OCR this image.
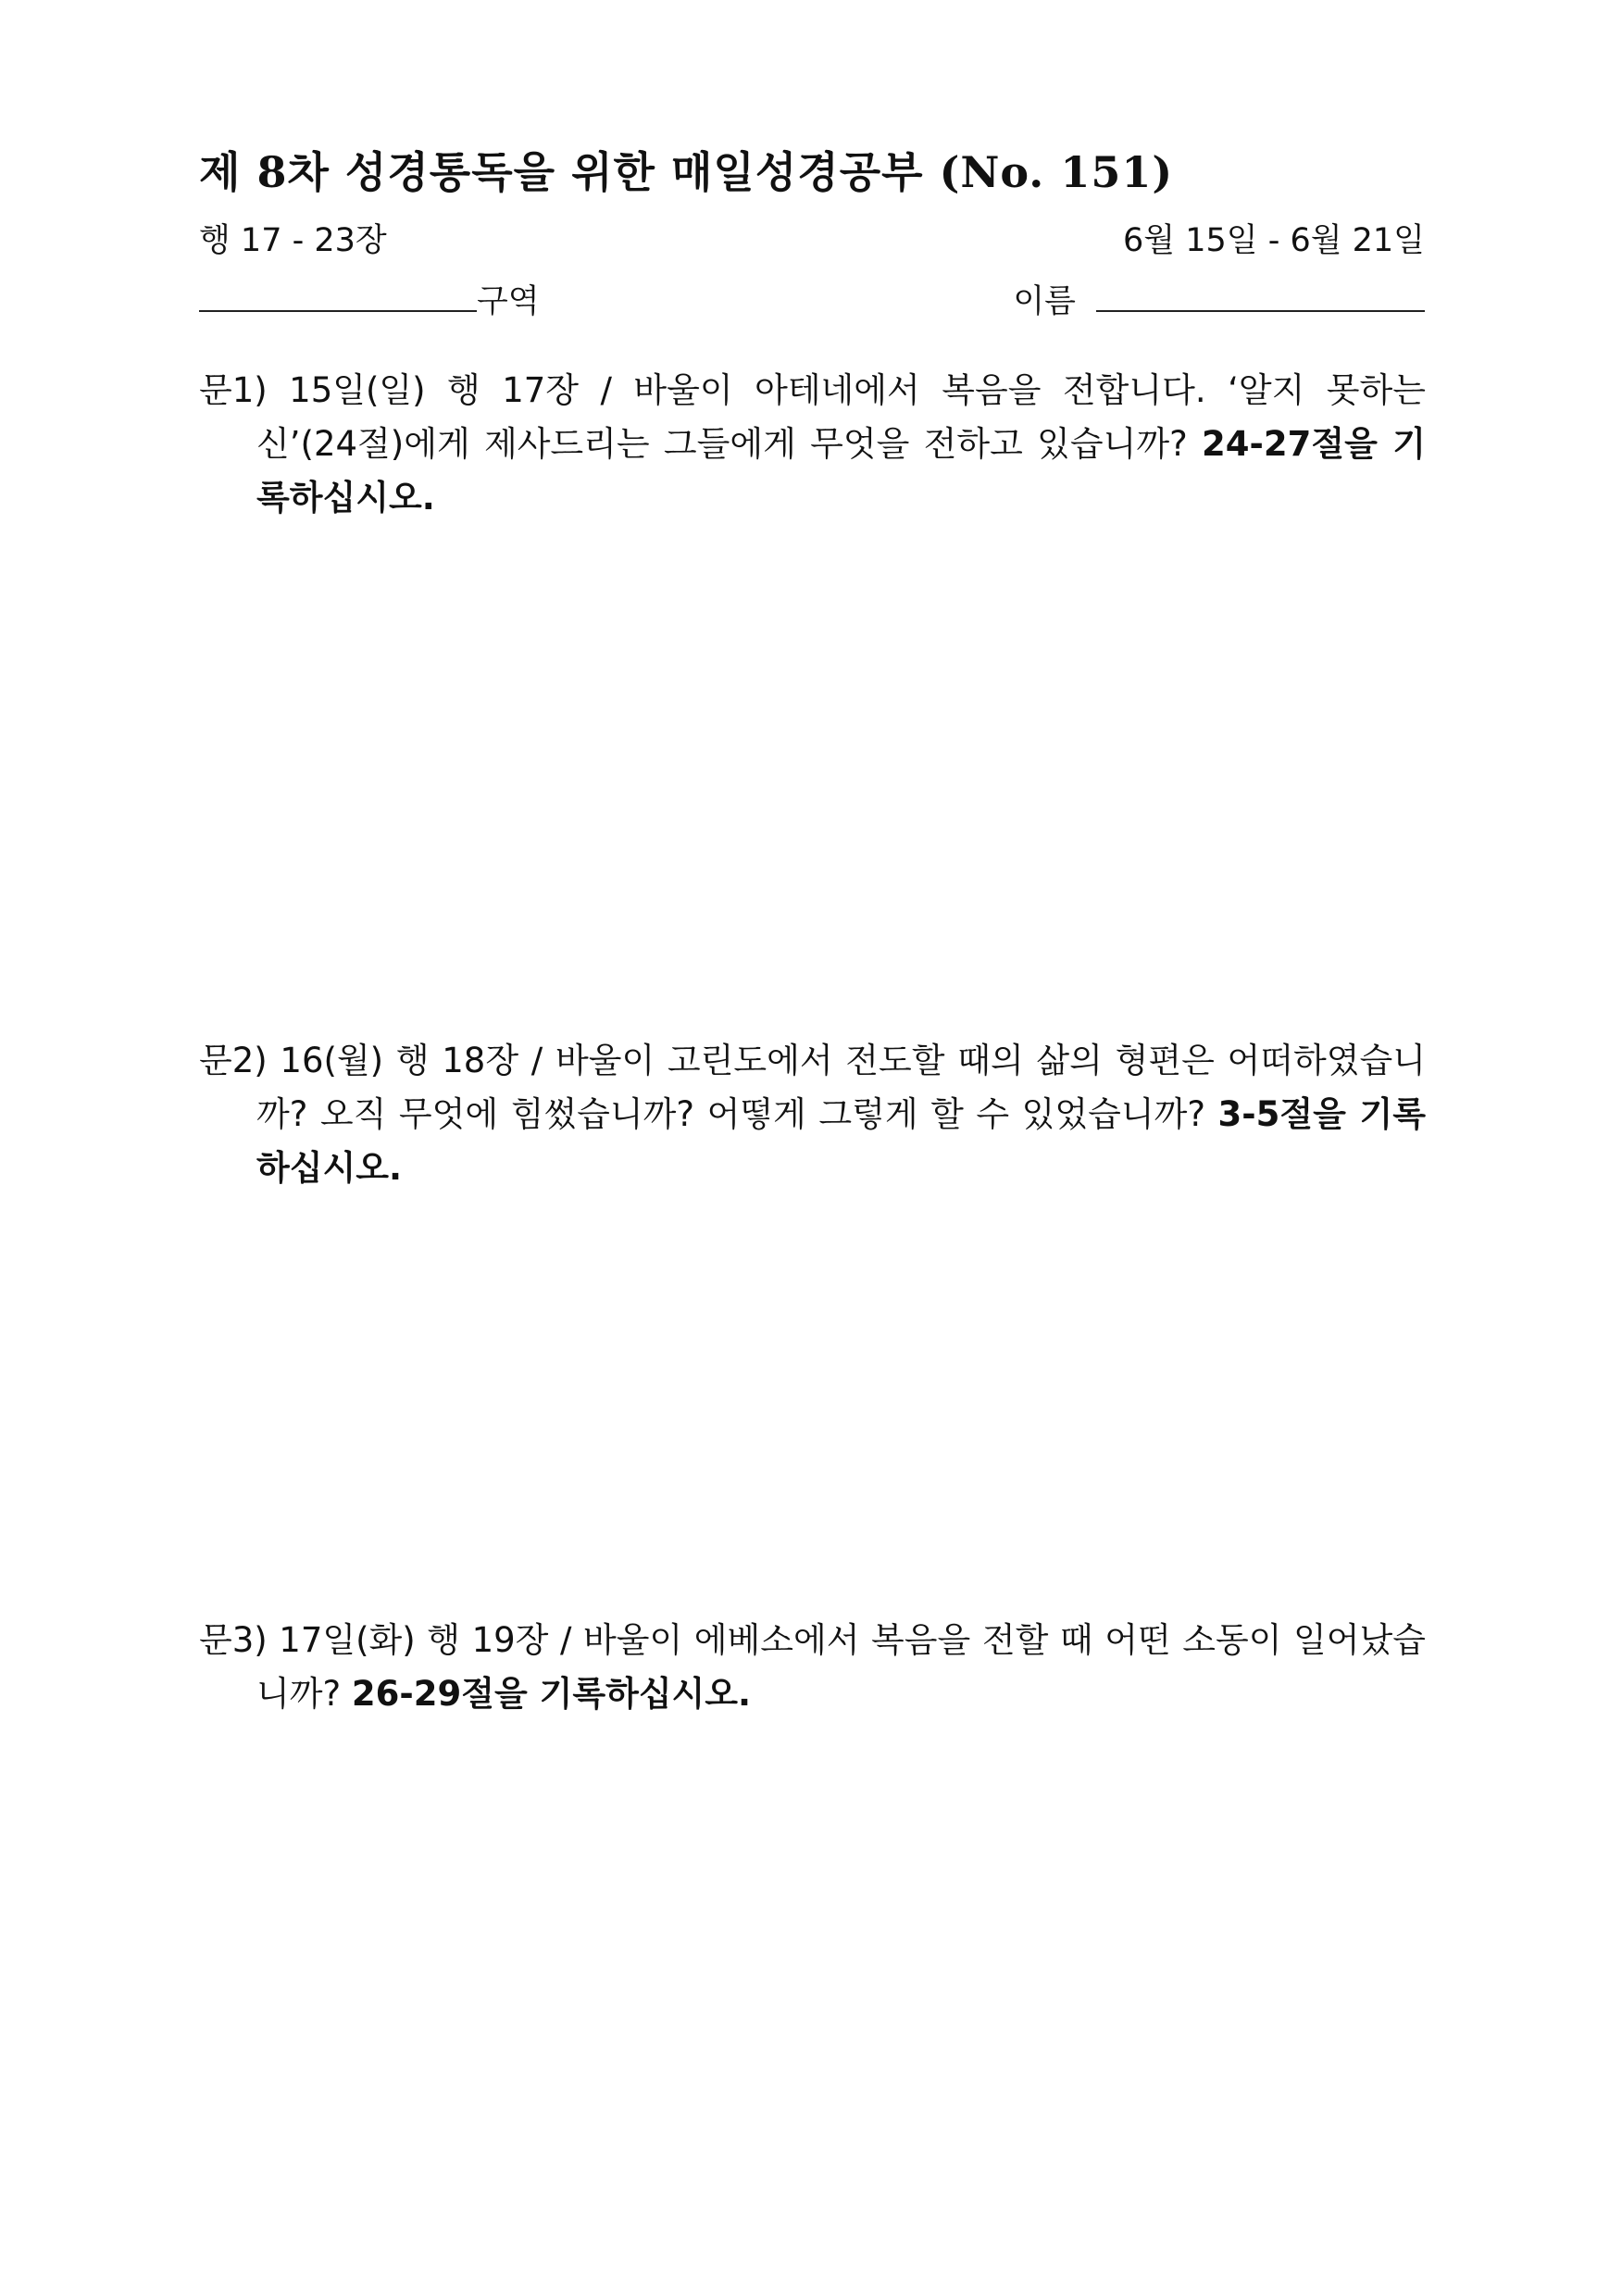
제 8차 성경통독을 위한 매일성경공부 (No. 151)
행 17 - 23장	6월 15일 - 6월 21일
구역	이름
문1) 15일(일) 행 17장 / 바울이 아테네에서 복음을 전합니다. ‘알지 못하는 신’(24절)에게 제사드리는 그들에게 무엇을 전하고 있습니까? 24-27절을 기록하십시오.
문2) 16(월) 행 18장 / 바울이 고린도에서 전도할 때의 삶의 형편은 어떠하였습니까? 오직 무엇에 힘썼습니까? 어떻게 그렇게 할 수 있었습니까? 3-5절을 기록하십시오.
문3) 17일(화) 행 19장 / 바울이 에베소에서 복음을 전할 때 어떤 소동이 일어났습니까? 26-29절을 기록하십시오.
